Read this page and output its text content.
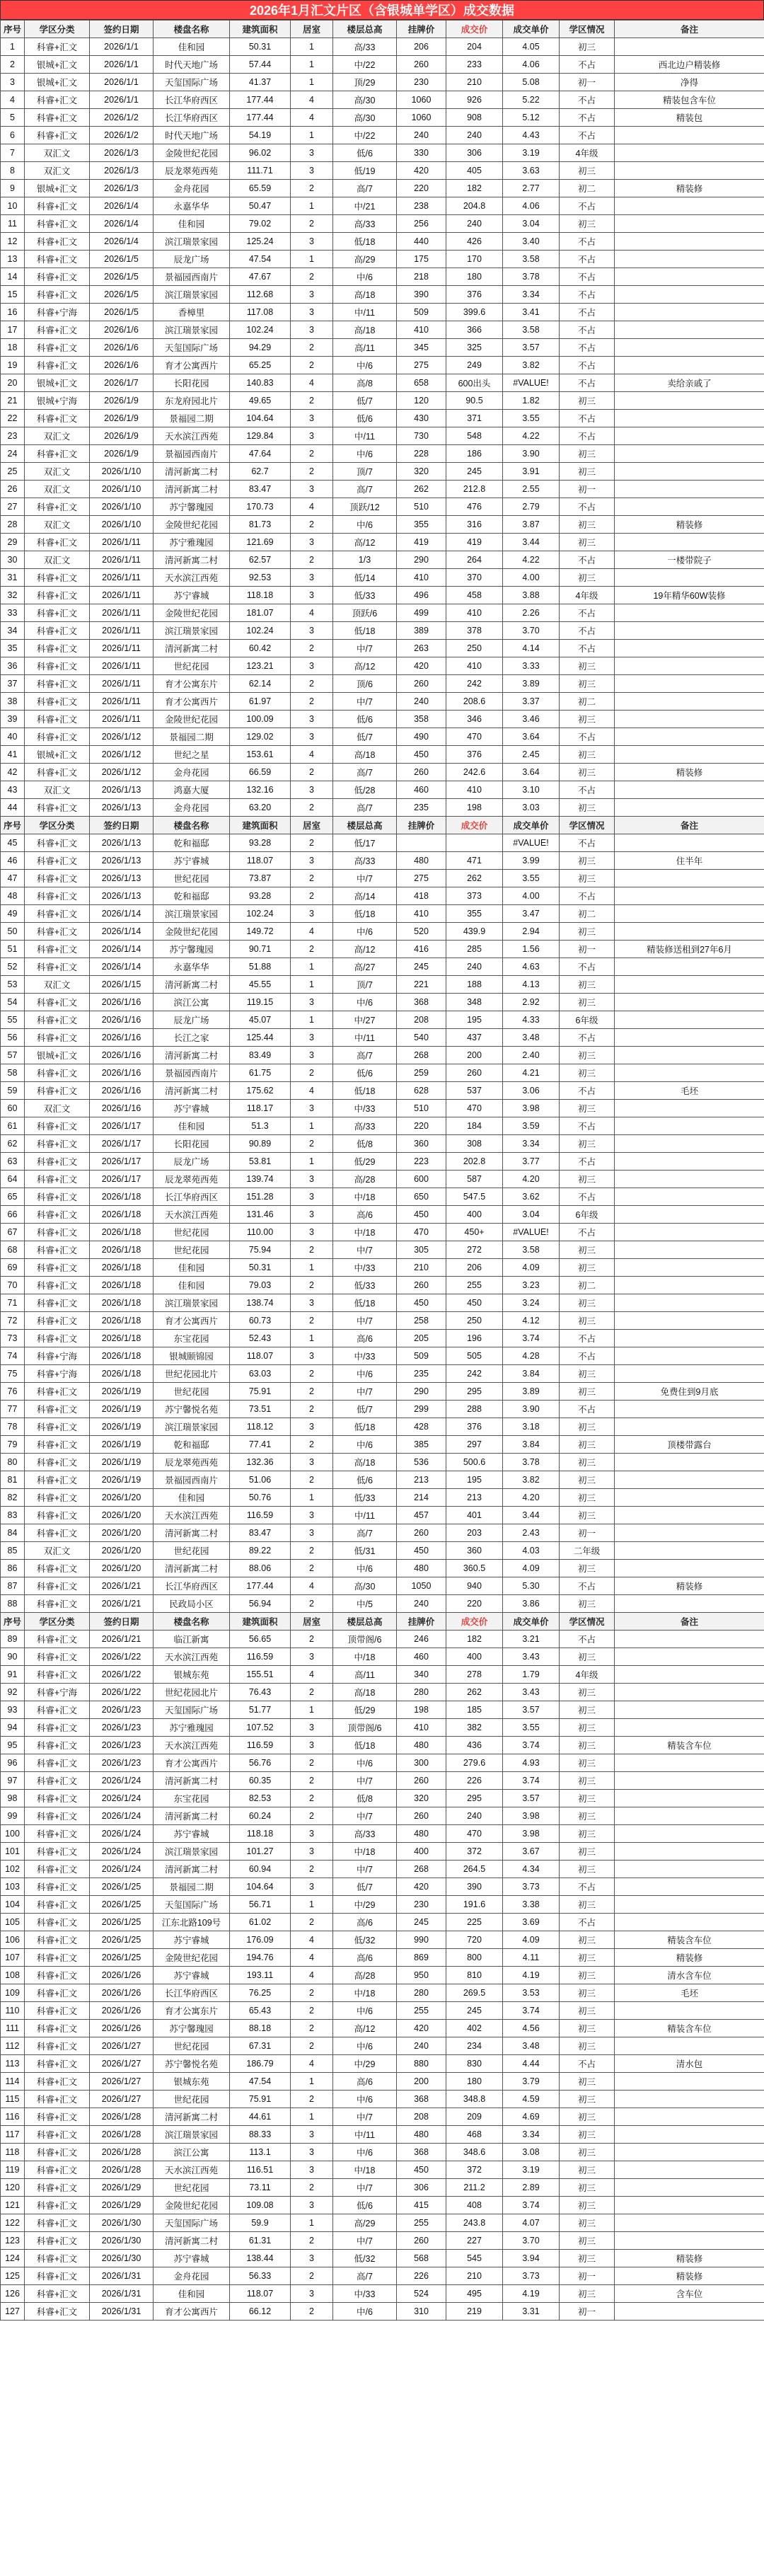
2026年1月汇文片区（含银城单学区）成交数据
序号	学区分类	签约日期	楼盘名称	建筑面积	居室	楼层总高	挂牌价	成交价	成交单价	学区情况	备注
1	科睿+汇文	2026/1/1	佳和园	50.31	1	高/33	206	204	4.05	初三	
2	银城+汇文	2026/1/1	时代天地广场	57.44	1	中/22	260	233	4.06	不占	西北边户精装修
3	银城+汇文	2026/1/1	天玺国际广场	41.37	1	顶/29	230	210	5.08	初一	净得
4	科睿+汇文	2026/1/1	长江华府西区	177.44	4	高/30	1060	926	5.22	不占	精装包含车位
5	科睿+汇文	2026/1/2	长江华府西区	177.44	4	高/30	1060	908	5.12	不占	精装包
6	科睿+汇文	2026/1/2	时代天地广场	54.19	1	中/22	240	240	4.43	不占	
7	双汇文	2026/1/3	金陵世纪花园	96.02	3	低/6	330	306	3.19	4年级	
8	双汇文	2026/1/3	辰龙翠苑西苑	111.71	3	低/19	420	405	3.63	初三	
9	银城+汇文	2026/1/3	金舟花园	65.59	2	高/7	220	182	2.77	初二	精装修
10	科睿+汇文	2026/1/4	永嘉华华	50.47	1	中/21	238	204.8	4.06	不占	
11	科睿+汇文	2026/1/4	佳和园	79.02	2	高/33	256	240	3.04	初三	
12	科睿+汇文	2026/1/4	滨江瑞景家园	125.24	3	低/18	440	426	3.40	不占	
13	科睿+汇文	2026/1/5	辰龙广场	47.54	1	高/29	175	170	3.58	不占	
14	科睿+汇文	2026/1/5	景福园西南片	47.67	2	中/6	218	180	3.78	不占	
15	科睿+汇文	2026/1/5	滨江瑞景家园	112.68	3	高/18	390	376	3.34	不占	
16	科睿+宁海	2026/1/5	香樟里	117.08	3	中/11	509	399.6	3.41	不占	
17	科睿+汇文	2026/1/6	滨江瑞景家园	102.24	3	高/18	410	366	3.58	不占	
18	科睿+汇文	2026/1/6	天玺国际广场	94.29	2	高/11	345	325	3.57	不占	
19	科睿+汇文	2026/1/6	育才公寓西片	65.25	2	中/6	275	249	3.82	不占	
20	银城+汇文	2026/1/7	长阳花园	140.83	4	高/8	658	600出头	#VALUE!	不占	卖给亲戚了
21	银城+宁海	2026/1/9	东龙府园北片	49.65	2	低/7	120	90.5	1.82	初三	
22	科睿+汇文	2026/1/9	景福园二期	104.64	3	低/6	430	371	3.55	不占	
23	双汇文	2026/1/9	天水滨江西苑	129.84	3	中/11	730	548	4.22	不占	
24	科睿+汇文	2026/1/9	景福园西南片	47.64	2	中/6	228	186	3.90	初三	
25	双汇文	2026/1/10	清河新寓二村	62.7	2	顶/7	320	245	3.91	初三	
26	双汇文	2026/1/10	清河新寓二村	83.47	3	高/7	262	212.8	2.55	初一	
27	科睿+汇文	2026/1/10	苏宁馨瑰园	170.73	4	顶跃/12	510	476	2.79	不占	
28	双汇文	2026/1/10	金陵世纪花园	81.73	2	中/6	355	316	3.87	初三	精装修
29	科睿+汇文	2026/1/11	苏宁雅瑰园	121.69	3	高/12	419	419	3.44	初三	
30	双汇文	2026/1/11	清河新寓二村	62.57	2	1/3	290	264	4.22	不占	一楼带院子
31	科睿+汇文	2026/1/11	天水滨江西苑	92.53	3	低/14	410	370	4.00	初三	
32	科睿+汇文	2026/1/11	苏宁睿城	118.18	3	低/33	496	458	3.88	4年级	19年精华60W装修
33	科睿+汇文	2026/1/11	金陵世纪花园	181.07	4	顶跃/6	499	410	2.26	不占	
34	科睿+汇文	2026/1/11	滨江瑞景家园	102.24	3	低/18	389	378	3.70	不占	
35	科睿+汇文	2026/1/11	清河新寓二村	60.42	2	中/7	263	250	4.14	不占	
36	科睿+汇文	2026/1/11	世纪花园	123.21	3	高/12	420	410	3.33	初三	
37	科睿+汇文	2026/1/11	育才公寓东片	62.14	2	顶/6	260	242	3.89	初三	
38	科睿+汇文	2026/1/11	育才公寓西片	61.97	2	中/7	240	208.6	3.37	初二	
39	科睿+汇文	2026/1/11	金陵世纪花园	100.09	3	低/6	358	346	3.46	初三	
40	科睿+汇文	2026/1/12	景福园二期	129.02	3	低/7	490	470	3.64	不占	
41	银城+汇文	2026/1/12	世纪之星	153.61	4	高/18	450	376	2.45	初三	
42	科睿+汇文	2026/1/12	金舟花园	66.59	2	高/7	260	242.6	3.64	初三	精装修
43	双汇文	2026/1/13	鸿嘉大厦	132.16	3	低/28	460	410	3.10	不占	
44	科睿+汇文	2026/1/13	金舟花园	63.20	2	高/7	235	198	3.03	初三	
序号	学区分类	签约日期	楼盘名称	建筑面积	居室	楼层总高	挂牌价	成交价	成交单价	学区情况	备注
45	科睿+汇文	2026/1/13	乾和福邸	93.28	2	低/17			#VALUE!	不占	
46	科睿+汇文	2026/1/13	苏宁睿城	118.07	3	高/33	480	471	3.99	初三	住半年
47	科睿+汇文	2026/1/13	世纪花园	73.87	2	中/7	275	262	3.55	初三	
48	科睿+汇文	2026/1/13	乾和福邸	93.28	2	高/14	418	373	4.00	不占	
49	科睿+汇文	2026/1/14	滨江瑞景家园	102.24	3	低/18	410	355	3.47	初二	
50	科睿+汇文	2026/1/14	金陵世纪花园	149.72	4	中/6	520	439.9	2.94	初三	
51	科睿+汇文	2026/1/14	苏宁馨瑰园	90.71	2	高/12	416	285	1.56	初一	精装修送租到27年6月
52	科睿+汇文	2026/1/14	永嘉华华	51.88	1	高/27	245	240	4.63	不占	
53	双汇文	2026/1/15	清河新寓二村	45.55	1	顶/7	221	188	4.13	初三	
54	科睿+汇文	2026/1/16	滨江公寓	119.15	3	中/6	368	348	2.92	初三	
55	科睿+汇文	2026/1/16	辰龙广场	45.07	1	中/27	208	195	4.33	6年级	
56	科睿+汇文	2026/1/16	长江之家	125.44	3	中/11	540	437	3.48	不占	
57	银城+汇文	2026/1/16	清河新寓二村	83.49	3	高/7	268	200	2.40	初三	
58	科睿+汇文	2026/1/16	景福园西南片	61.75	2	低/6	259	260	4.21	初三	
59	科睿+汇文	2026/1/16	清河新寓二村	175.62	4	低/18	628	537	3.06	不占	毛坯
60	双汇文	2026/1/16	苏宁睿城	118.17	3	中/33	510	470	3.98	初三	
61	科睿+汇文	2026/1/17	佳和园	51.3	1	高/33	220	184	3.59	不占	
62	科睿+汇文	2026/1/17	长阳花园	90.89	2	低/8	360	308	3.34	初三	
63	科睿+汇文	2026/1/17	辰龙广场	53.81	1	低/29	223	202.8	3.77	不占	
64	科睿+汇文	2026/1/17	辰龙翠苑西苑	139.74	3	高/28	600	587	4.20	初三	
65	科睿+汇文	2026/1/18	长江华府西区	151.28	3	中/18	650	547.5	3.62	不占	
66	科睿+汇文	2026/1/18	天水滨江西苑	131.46	3	高/6	450	400	3.04	6年级	
67	科睿+汇文	2026/1/18	世纪花园	110.00	3	中/18	470	450+	#VALUE!	不占	
68	科睿+汇文	2026/1/18	世纪花园	75.94	2	中/7	305	272	3.58	初三	
69	科睿+汇文	2026/1/18	佳和园	50.31	1	中/33	210	206	4.09	初三	
70	科睿+汇文	2026/1/18	佳和园	79.03	2	低/33	260	255	3.23	初二	
71	科睿+汇文	2026/1/18	滨江瑞景家园	138.74	3	低/18	450	450	3.24	初三	
72	科睿+汇文	2026/1/18	育才公寓西片	60.73	2	中/7	258	250	4.12	初三	
73	科睿+汇文	2026/1/18	东宝花园	52.43	1	高/6	205	196	3.74	不占	
74	科睿+宁海	2026/1/18	银城颐锦园	118.07	3	中/33	509	505	4.28	不占	
75	科睿+宁海	2026/1/18	世纪花园北片	63.03	2	中/6	235	242	3.84	初三	
76	科睿+汇文	2026/1/19	世纪花园	75.91	2	中/7	290	295	3.89	初三	免费住到9月底
77	科睿+汇文	2026/1/19	苏宁馨悦名苑	73.51	2	低/7	299	288	3.90	不占	
78	科睿+汇文	2026/1/19	滨江瑞景家园	118.12	3	低/18	428	376	3.18	初三	
79	科睿+汇文	2026/1/19	乾和福邸	77.41	2	中/6	385	297	3.84	初三	顶楼带露台
80	科睿+汇文	2026/1/19	辰龙翠苑西苑	132.36	3	高/18	536	500.6	3.78	初三	
81	科睿+汇文	2026/1/19	景福园西南片	51.06	2	低/6	213	195	3.82	初三	
82	科睿+汇文	2026/1/20	佳和园	50.76	1	低/33	214	213	4.20	初三	
83	科睿+汇文	2026/1/20	天水滨江西苑	116.59	3	中/11	457	401	3.44	初三	
84	科睿+汇文	2026/1/20	清河新寓二村	83.47	3	高/7	260	203	2.43	初一	
85	双汇文	2026/1/20	世纪花园	89.22	2	低/31	450	360	4.03	二年级	
86	科睿+汇文	2026/1/20	清河新寓二村	88.06	2	中/6	480	360.5	4.09	初三	
87	科睿+汇文	2026/1/21	长江华府西区	177.44	4	高/30	1050	940	5.30	不占	精装修
88	科睿+汇文	2026/1/21	民政局小区	56.94	2	中/5	240	220	3.86	初三	
序号	学区分类	签约日期	楼盘名称	建筑面积	居室	楼层总高	挂牌价	成交价	成交单价	学区情况	备注
89	科睿+汇文	2026/1/21	临江新寓	56.65	2	顶带阁/6	246	182	3.21	不占	
90	科睿+汇文	2026/1/22	天水滨江西苑	116.59	3	中/18	460	400	3.43	初三	
91	科睿+汇文	2026/1/22	银城东苑	155.51	4	高/11	340	278	1.79	4年级	
92	科睿+宁海	2026/1/22	世纪花园北片	76.43	2	高/18	280	262	3.43	初三	
93	科睿+汇文	2026/1/23	天玺国际广场	51.77	1	低/29	198	185	3.57	初三	
94	科睿+汇文	2026/1/23	苏宁雅瑰园	107.52	3	顶带阁/6	410	382	3.55	初三	
95	科睿+汇文	2026/1/23	天水滨江西苑	116.59	3	低/18	480	436	3.74	初三	精装含车位
96	科睿+汇文	2026/1/23	育才公寓西片	56.76	2	中/6	300	279.6	4.93	初三	
97	科睿+汇文	2026/1/24	清河新寓二村	60.35	2	中/7	260	226	3.74	初三	
98	科睿+汇文	2026/1/24	东宝花园	82.53	2	低/8	320	295	3.57	初三	
99	科睿+汇文	2026/1/24	清河新寓二村	60.24	2	中/7	260	240	3.98	初三	
100	科睿+汇文	2026/1/24	苏宁睿城	118.18	3	高/33	480	470	3.98	初三	
101	科睿+汇文	2026/1/24	滨江瑞景家园	101.27	3	中/18	400	372	3.67	初三	
102	科睿+汇文	2026/1/24	清河新寓二村	60.94	2	中/7	268	264.5	4.34	初三	
103	科睿+汇文	2026/1/25	景福园二期	104.64	3	低/7	420	390	3.73	不占	
104	科睿+汇文	2026/1/25	天玺国际广场	56.71	1	中/29	230	191.6	3.38	初三	
105	科睿+汇文	2026/1/25	江东北路109号	61.02	2	高/6	245	225	3.69	不占	
106	科睿+汇文	2026/1/25	苏宁睿城	176.09	4	低/32	990	720	4.09	初三	精装含车位
107	科睿+汇文	2026/1/25	金陵世纪花园	194.76	4	高/6	869	800	4.11	初三	精装修
108	科睿+汇文	2026/1/26	苏宁睿城	193.11	4	高/28	950	810	4.19	初三	清水含车位
109	科睿+汇文	2026/1/26	长江华府西区	76.25	2	中/18	280	269.5	3.53	初三	毛坯
110	科睿+汇文	2026/1/26	育才公寓东片	65.43	2	中/6	255	245	3.74	初三	
111	科睿+汇文	2026/1/26	苏宁馨瑰园	88.18	2	高/12	420	402	4.56	初三	精装含车位
112	科睿+汇文	2026/1/27	世纪花园	67.31	2	中/6	240	234	3.48	初三	
113	科睿+汇文	2026/1/27	苏宁馨悦名苑	186.79	4	中/29	880	830	4.44	不占	清水包
114	科睿+汇文	2026/1/27	银城东苑	47.54	1	高/6	200	180	3.79	初三	
115	科睿+汇文	2026/1/27	世纪花园	75.91	2	中/6	368	348.8	4.59	初三	
116	科睿+汇文	2026/1/28	清河新寓二村	44.61	1	中/7	208	209	4.69	初三	
117	科睿+汇文	2026/1/28	滨江瑞景家园	88.33	3	中/11	480	468	3.34	初三	
118	科睿+汇文	2026/1/28	滨江公寓	113.1	3	中/6	368	348.6	3.08	初三	
119	科睿+汇文	2026/1/28	天水滨江西苑	116.51	3	中/18	450	372	3.19	初三	
120	科睿+汇文	2026/1/29	世纪花园	73.11	2	中/7	306	211.2	2.89	初三	
121	科睿+汇文	2026/1/29	金陵世纪花园	109.08	3	低/6	415	408	3.74	初三	
122	科睿+汇文	2026/1/30	天玺国际广场	59.9	1	高/29	255	243.8	4.07	初三	
123	科睿+汇文	2026/1/30	清河新寓二村	61.31	2	中/7	260	227	3.70	初三	
124	科睿+汇文	2026/1/30	苏宁睿城	138.44	3	低/32	568	545	3.94	初三	精装修
125	科睿+汇文	2026/1/31	金舟花园	56.33	2	高/7	226	210	3.73	初一	精装修
126	科睿+汇文	2026/1/31	佳和园	118.07	3	中/33	524	495	4.19	初三	含车位
127	科睿+汇文	2026/1/31	育才公寓西片	66.12	2	中/6	310	219	3.31	初一	
